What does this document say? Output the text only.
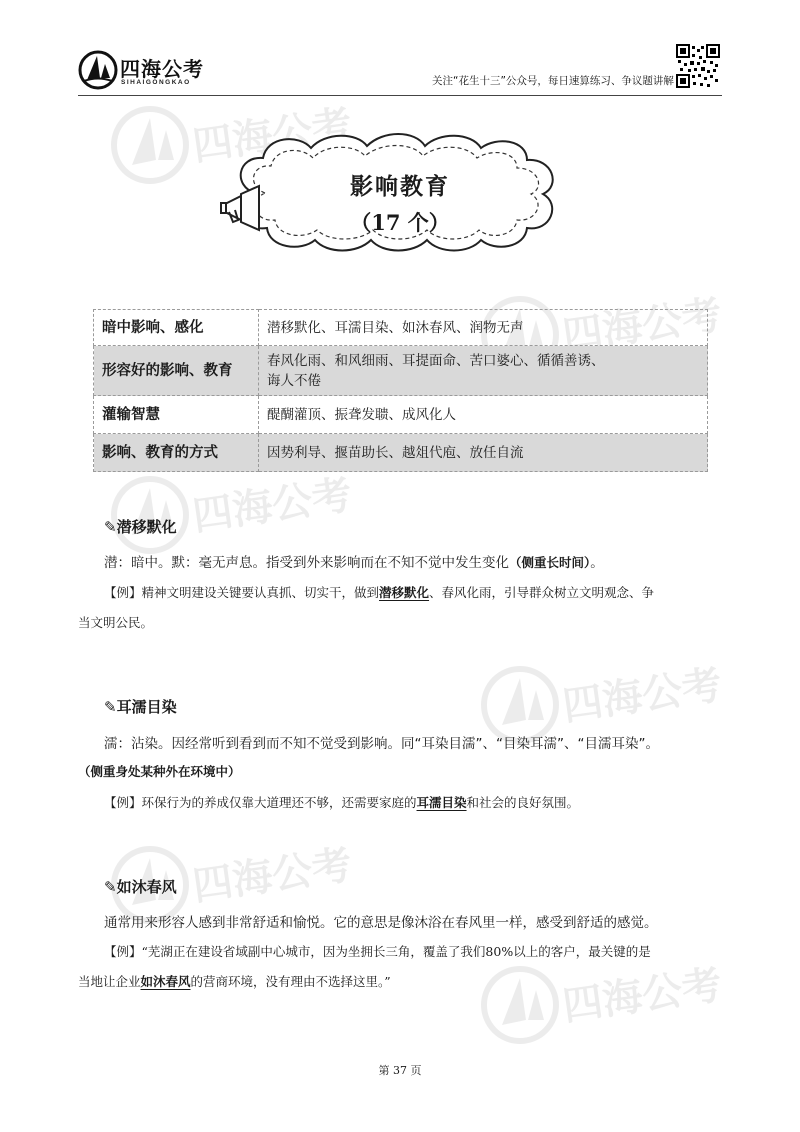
四海公考
四海公考
四海公考
四海公考
四海公考
四海公考
四海公考
SIHAIGONGKAO	关注“花生十三”公众号，每日速算练习、争议题讲解
影响教育
（17 个）
暗中影响、感化	潜移默化、耳濡目染、如沐春风、润物无声
形容好的影响、教育	春风化雨、和风细雨、耳提面命、苦口婆心、循循善诱、
诲人不倦

灌输智慧	醍醐灌顶、振聋发聩、成风化人
影响、教育的方式	因势利导、揠苗助长、越俎代庖、放任自流
✎潜移默化
潜：暗中。默：毫无声息。指受到外来影响而在不知不觉中发生变化（侧重长时间）。
【例】精神文明建设关键要认真抓、切实干，做到潜移默化、春风化雨，引导群众树立文明观念、争
当文明公民。
✎耳濡目染
濡：沾染。因经常听到看到而不知不觉受到影响。同“耳染目濡”、“目染耳濡”、“目濡耳染”。
（侧重身处某种外在环境中）
【例】环保行为的养成仅靠大道理还不够，还需要家庭的耳濡目染和社会的良好氛围。
✎如沐春风
通常用来形容人感到非常舒适和愉悦。它的意思是像沐浴在春风里一样，感受到舒适的感觉。
【例】“芜湖正在建设省域副中心城市，因为坐拥长三角，覆盖了我们80%以上的客户，最关键的是
当地让企业如沐春风的营商环境，没有理由不选择这里。”
第 37 页
